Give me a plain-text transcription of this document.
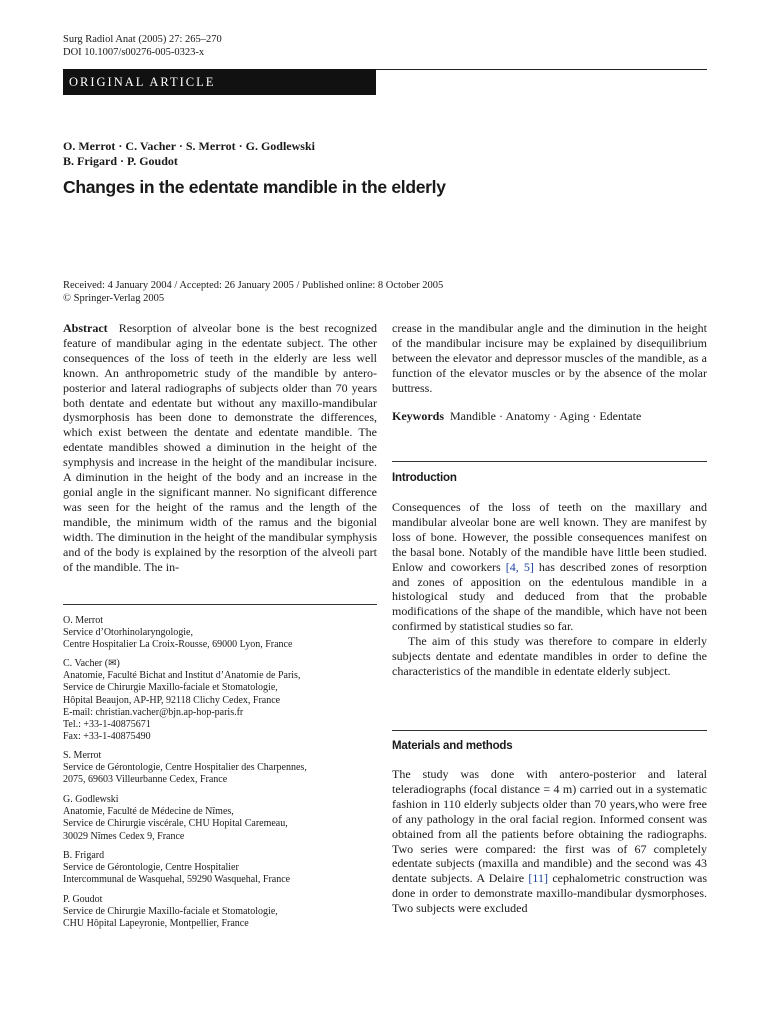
Surg Radiol Anat (2005) 27: 265–270
DOI 10.1007/s00276-005-0323-x
ORIGINAL ARTICLE
O. Merrot · C. Vacher · S. Merrot · G. Godlewski
B. Frigard · P. Goudot
Changes in the edentate mandible in the elderly
Received: 4 January 2004 / Accepted: 26 January 2005 / Published online: 8 October 2005
© Springer-Verlag 2005

Abstract Resorption of alveolar bone is the best recognized feature of mandibular aging in the edentate subject. The other consequences of the loss of teeth in the elderly are less well known. An anthropometric study of the mandible by antero-posterior and lateral radiographs of subjects older than 70 years both dentate and edentate but without any maxillo-mandibular dysmorphosis has been done to demonstrate the differences, which exist between the dentate and edentate mandible. The edentate mandibles showed a diminution in the height of the symphysis and increase in the height of the mandibular incisure. A diminution in the height of the body and an increase in the gonial angle in the significant manner. No significant difference was seen for the height of the ramus and the length of the mandible, the minimum width of the ramus and the bigonial width. The diminution in the height of the mandibular symphysis and of the body is explained by the resorption of the alveoli part of the mandible. The in-

crease in the mandibular angle and the diminution in the height of the mandibular incisure may be explained by disequilibrium between the elevator and depressor muscles of the mandible, as a function of the elevator muscles or by the absence of the molar buttress.

Keywords Mandible · Anatomy · Aging · Edentate

O. Merrot
Service d’Otorhinolaryngologie,
Centre Hospitalier La Croix-Rousse, 69000 Lyon, France
C. Vacher (✉)
Anatomie, Faculté Bichat and Institut d’Anatomie de Paris,
Service de Chirurgie Maxillo-faciale et Stomatologie,
Hôpital Beaujon, AP-HP, 92118 Clichy Cedex, France
E-mail: christian.vacher@bjn.ap-hop-paris.fr
Tel.: +33-1-40875671
Fax: +33-1-40875490
S. Merrot
Service de Gérontologie, Centre Hospitalier des Charpennes,
2075, 69603 Villeurbanne Cedex, France
G. Godlewski
Anatomie, Faculté de Médecine de Nîmes,
Service de Chirurgie viscérale, CHU Hopital Caremeau,
30029 Nîmes Cedex 9, France
B. Frigard
Service de Gérontologie, Centre Hospitalier
Intercommunal de Wasquehal, 59290 Wasquehal, France
P. Goudot
Service de Chirurgie Maxillo-faciale et Stomatologie,
CHU Hôpital Lapeyronie, Montpellier, France
Introduction

Consequences of the loss of teeth on the maxillary and mandibular alveolar bone are well known. They are manifest by loss of bone. However, the possible consequences manifest on the basal bone. Notably of the mandible have little been studied. Enlow and coworkers [4, 5] has described zones of resorption and zones of apposition on the edentulous mandible in a histological study and deduced from that the probable modifications of the shape of the mandible, which have not been confirmed by statistical studies so far.

The aim of this study was therefore to compare in elderly subjects dentate and edentate mandibles in order to define the characteristics of the mandible in edentate elderly subject.

Materials and methods

The study was done with antero-posterior and lateral teleradiographs (focal distance = 4 m) carried out in a systematic fashion in 110 elderly subjects older than 70 years,who were free of any pathology in the oral facial region. Informed consent was obtained from all the patients before obtaining the radiographs. Two series were compared: the first was of 67 completely edentate subjects (maxilla and mandible) and the second was 43 dentate subjects. A Delaire [11] cephalometric construction was done in order to demonstrate maxillo-mandibular dysmorphoses. Two subjects were excluded
